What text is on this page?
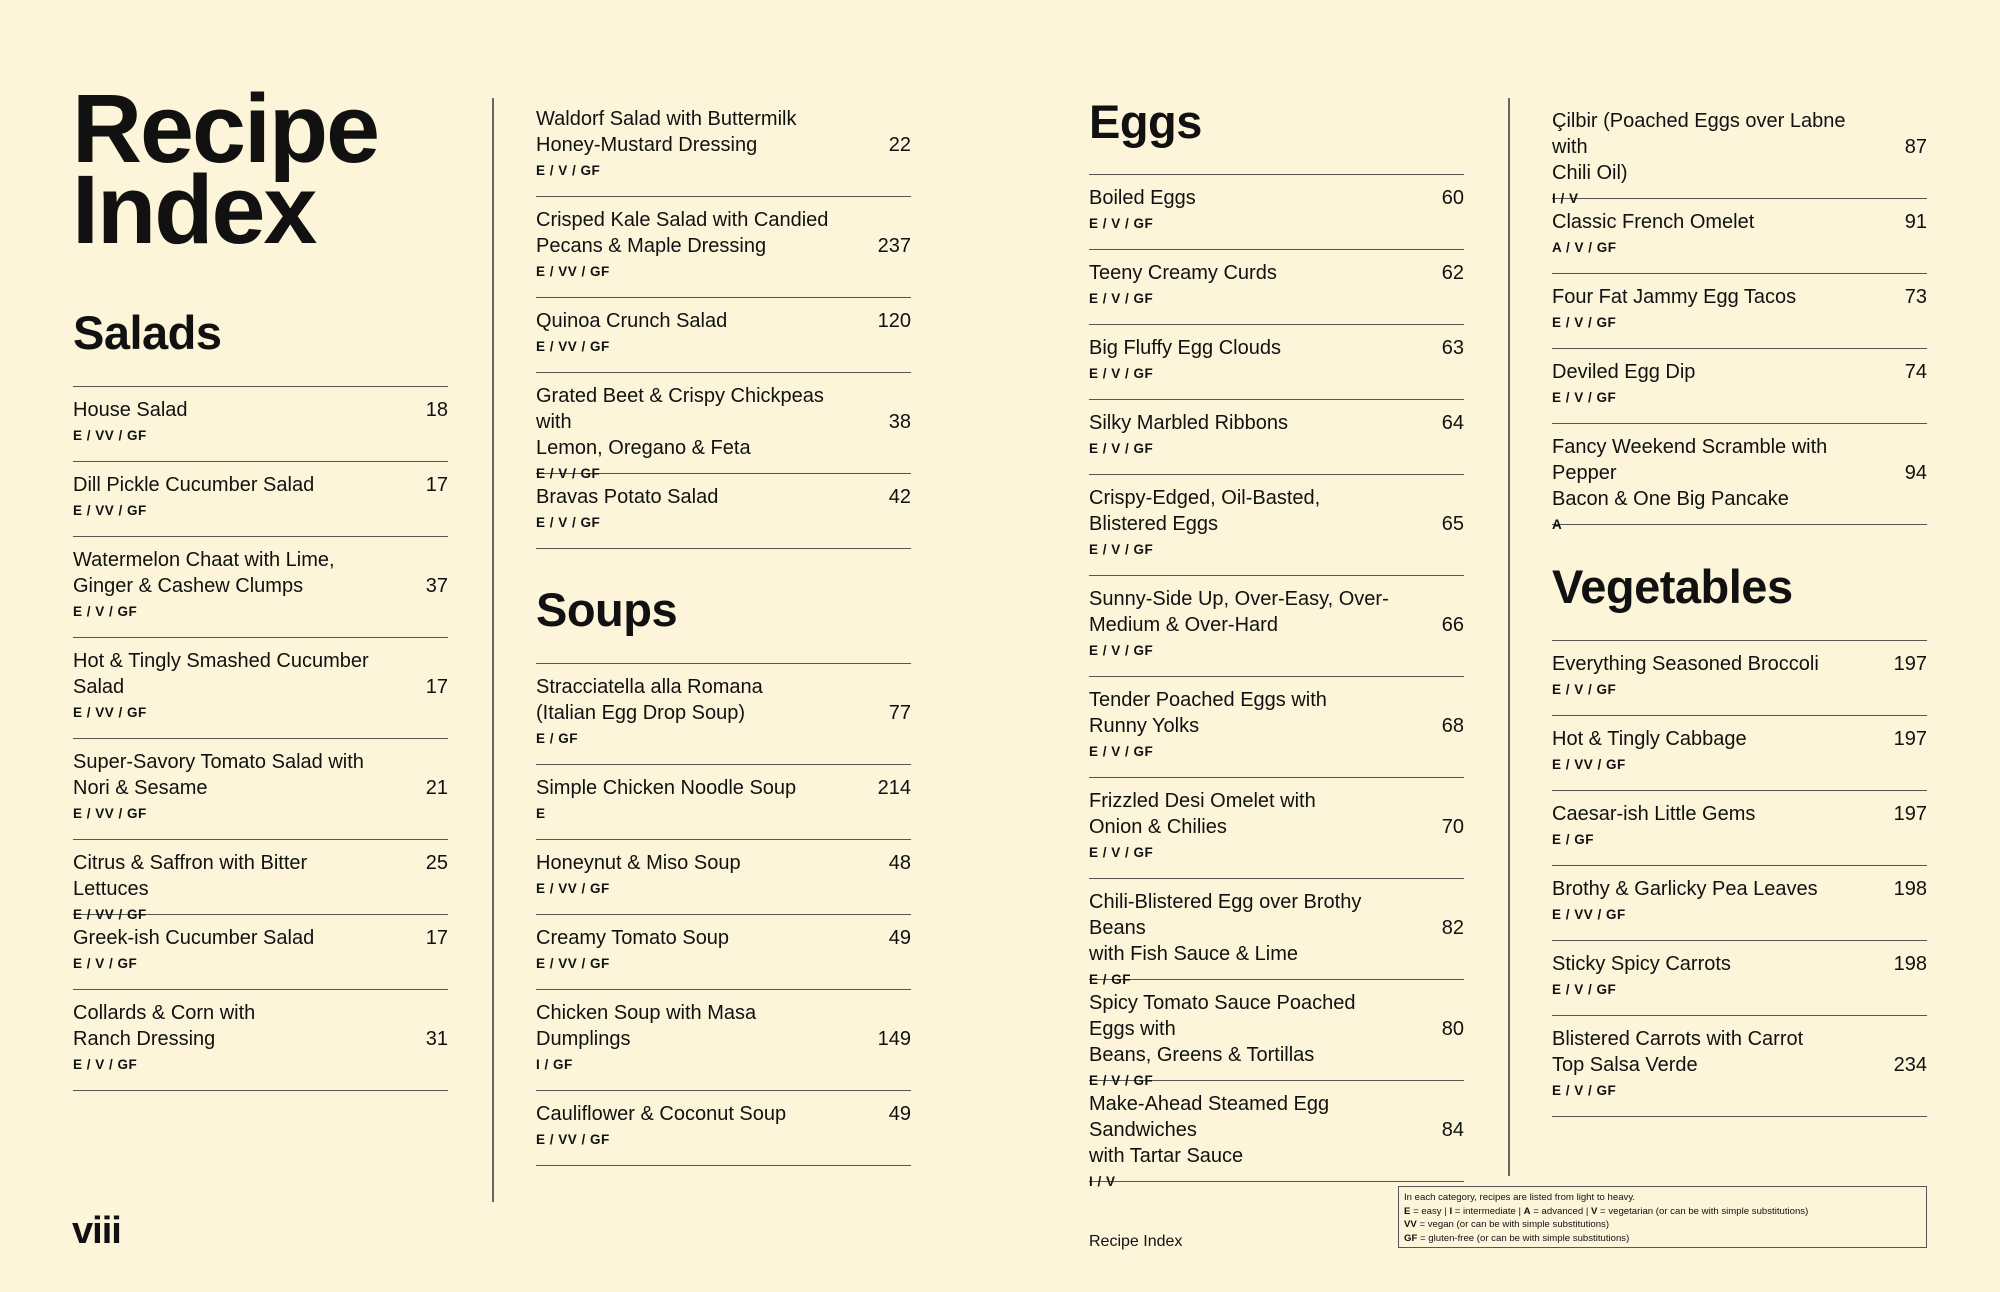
Recipe
Index
Salads
House Salad	18
E / VV / GF
Dill Pickle Cucumber Salad	17
E / VV / GF
Watermelon Chaat with Lime,
Ginger & Cashew Clumps	37
E / V / GF
Hot & Tingly Smashed Cucumber
Salad	17
E / VV / GF
Super-Savory Tomato Salad with
Nori & Sesame	21
E / VV / GF
Citrus & Saffron with Bitter Lettuces
25
E / VV / GF
Greek-ish Cucumber Salad	17
E / V / GF
Collards & Corn with
Ranch Dressing	31
E / V / GF
Waldorf Salad with Buttermilk
Honey-Mustard Dressing	22
E / V / GF
Crisped Kale Salad with Candied
Pecans & Maple Dressing	237
E / VV / GF
Quinoa Crunch Salad	120
E / VV / GF
Grated Beet & Crispy Chickpeas with
Lemon, Oregano & Feta
38
E / V / GF
Bravas Potato Salad	42
E / V / GF
Soups
Stracciatella alla Romana
(Italian Egg Drop Soup)	77
E / GF
Simple Chicken Noodle Soup	214
E
Honeynut & Miso Soup	48
E / VV / GF
Creamy Tomato Soup	49
E / VV / GF
Chicken Soup with Masa
Dumplings	149
I / GF
Cauliflower & Coconut Soup	49
E / VV / GF
Eggs
Boiled Eggs	60
E / V / GF
Teeny Creamy Curds	62
E / V / GF
Big Fluffy Egg Clouds	63
E / V / GF
Silky Marbled Ribbons	64
E / V / GF
Crispy-Edged, Oil-Basted,
Blistered Eggs	65
E / V / GF
Sunny-Side Up, Over-Easy, Over-
Medium & Over-Hard	66
E / V / GF
Tender Poached Eggs with
Runny Yolks	68
E / V / GF
Frizzled Desi Omelet with
Onion & Chilies	70
E / V / GF
Chili-Blistered Egg over Brothy Beans
with Fish Sauce & Lime
82
E / GF
Spicy Tomato Sauce Poached Eggs with
Beans, Greens & Tortillas
80
E / V / GF
Make-Ahead Steamed Egg Sandwiches
with Tartar Sauce
84
I / V
Çilbir (Poached Eggs over Labne with
Chili Oil)
87
I / V
Classic French Omelet	91
A / V / GF
Four Fat Jammy Egg Tacos	73
E / V / GF
Deviled Egg Dip	74
E / V / GF
Fancy Weekend Scramble with Pepper
Bacon & One Big Pancake
94
A
Vegetables
Everything Seasoned Broccoli	197
E / V / GF
Hot & Tingly Cabbage	197
E / VV / GF
Caesar-ish Little Gems	197
E / GF
Brothy & Garlicky Pea Leaves	198
E / VV / GF
Sticky Spicy Carrots	198
E / V / GF
Blistered Carrots with Carrot
Top Salsa Verde	234
E / V / GF
viii	Recipe Index
In each category, recipes are listed from light to heavy.
E = easy | I = intermediate | A = advanced | V = vegetarian (or can be with simple substitutions)
VV = vegan (or can be with simple substitutions)
GF = gluten-free (or can be with simple substitutions)
